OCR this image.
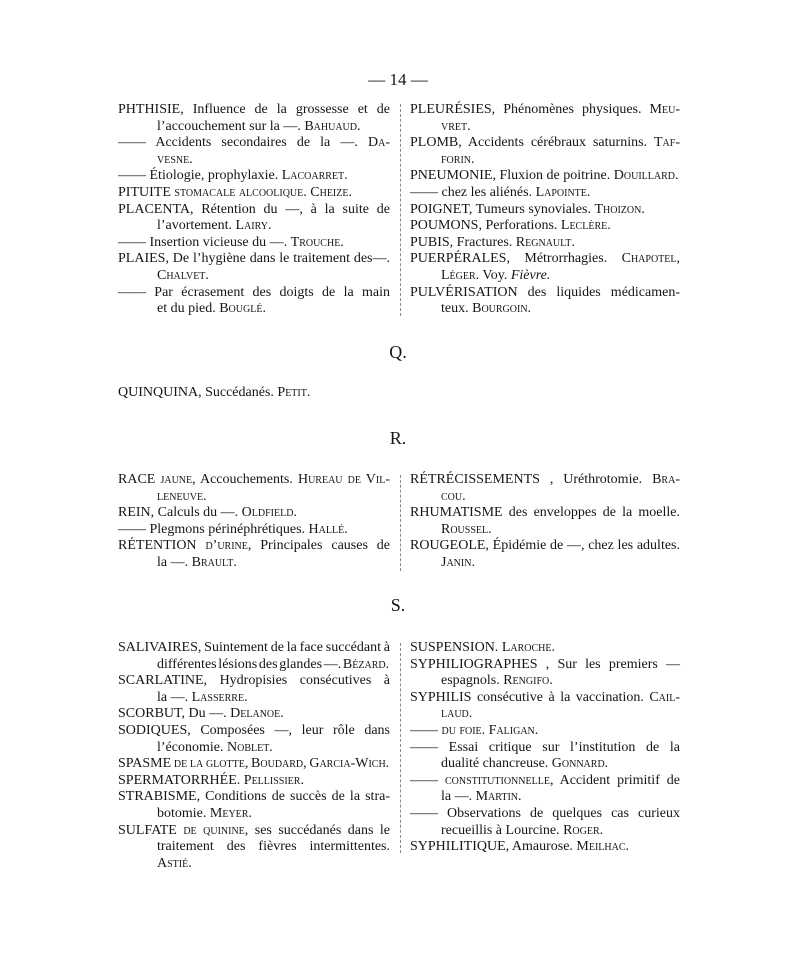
— 14 —
PHTHISIE, Influence de la grossesse et de
l’accouchement sur la —. Bahuaud.
—— Accidents secondaires de la —. Da-
vesne.
—— Étiologie, prophylaxie. Lacoarret.
PITUITE stomacale alcoolique. Cheize.
PLACENTA, Rétention du —, à la suite de
l’avortement. Lairy.
—— Insertion vicieuse du —. Trouche.
PLAIES, De l’hygiène dans le traitement des—.
Chalvet.
—— Par écrasement des doigts de la main
et du pied. Bouglé.
PLEURÉSIES, Phénomènes physiques. Meu-
vret.
PLOMB, Accidents cérébraux saturnins. Taf-
forin.
PNEUMONIE, Fluxion de poitrine. Douillard.
—— chez les aliénés. Lapointe.
POIGNET, Tumeurs synoviales. Thoizon.
POUMONS, Perforations. Leclère.
PUBIS, Fractures. Regnault.
PUERPÉRALES, Métrorrhagies. Chapotel,
Léger. Voy. Fièvre.
PULVÉRISATION des liquides médicamen-
teux. Bourgoin.
Q.
QUINQUINA, Succédanés. Petit.
R.
RACE jaune, Accouchements. Hureau de Vil-
leneuve.
REIN, Calculs du —. Oldfield.
—— Plegmons périnéphrétiques. Hallé.
RÉTENTION d’urine, Principales causes de
la —. Brault.
RÉTRÉCISSEMENTS , Uréthrotomie. Bra-
cou.
RHUMATISME des enveloppes de la moelle.
Roussel.
ROUGEOLE, Épidémie de —, chez les adultes.
Janin.
S.
SALIVAIRES, Suintement de la face succédant à
différentes lésions des glandes —. Bézard.
SCARLATINE, Hydropisies consécutives à
la —. Lasserre.
SCORBUT, Du —. Delanoe.
SODIQUES, Composées —, leur rôle dans
l’économie. Noblet.
SPASME de la glotte, Boudard, Garcia-Wich.
SPERMATORRHÉE. Pellissier.
STRABISME, Conditions de succès de la stra-
botomie. Meyer.
SULFATE de quinine, ses succédanés dans le
traitement des fièvres intermittentes.
Astié.
SUSPENSION. Laroche.
SYPHILIOGRAPHES , Sur les premiers —
espagnols. Rengifo.
SYPHILIS consécutive à la vaccination. Cail-
laud.
—— du foie. Faligan.
—— Essai critique sur l’institution de la
dualité chancreuse. Gonnard.
—— constitutionnelle, Accident primitif de
la —. Martin.
—— Observations de quelques cas curieux
recueillis à Lourcine. Roger.
SYPHILITIQUE, Amaurose. Meilhac.
